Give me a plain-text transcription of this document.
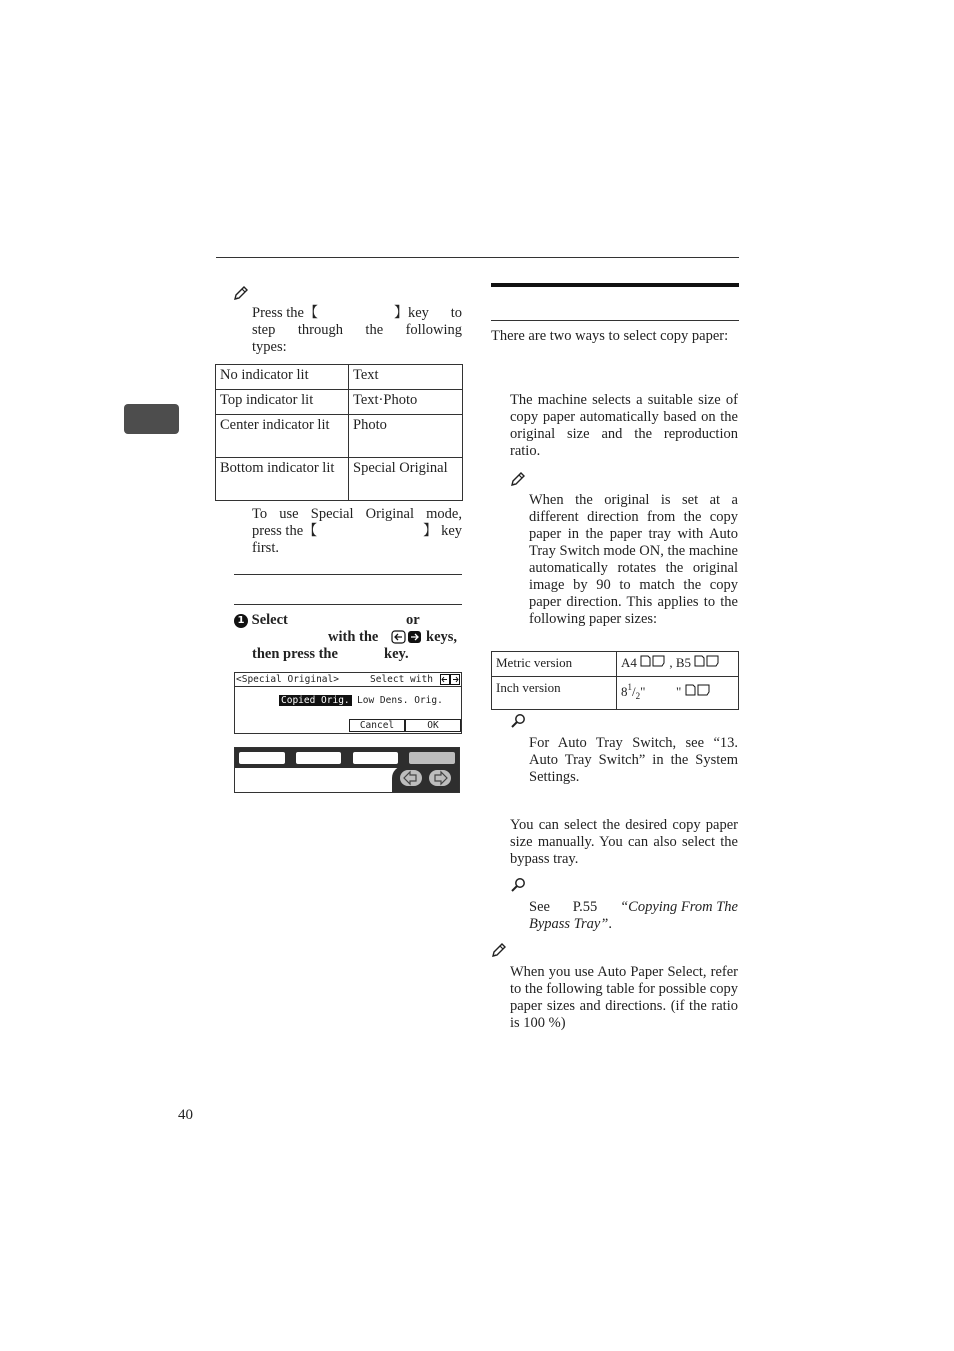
Press the 【	】 key to
step through the following
types:
No indicator lit	Text
Top indicator lit	Text·Photo
Center indicator lit	Photo
Bottom indicator lit	Special Original
To use Special Original mode,
press the 【	】 key
first.
1 Select	or
with the	keys,
then press the	key.
<Special Original>	Select with
Copied Orig. Low Dens. Orig.
Cancel	OK
There are two ways to select copy paper:
The machine selects a suitable size of copy paper automatically based on the original size and the reproduction ratio.
When the original is set at a different direction from the copy paper in the paper tray with Auto Tray Switch mode ON, the machine automatically rotates the original image by 90 to match the copy paper direction. This applies to the following paper sizes:
Metric version	A4 , B5
Inch version	$8^1/_2$" "
For Auto Tray Switch, see “13. Auto Tray Switch” in the System Settings.
You can select the desired copy paper size manually. You can also select the bypass tray.
See P.55 “Copying From The
Bypass Tray”.
When you use Auto Paper Select, refer to the following table for possible copy paper sizes and directions. (if the ratio is 100 %)
40
